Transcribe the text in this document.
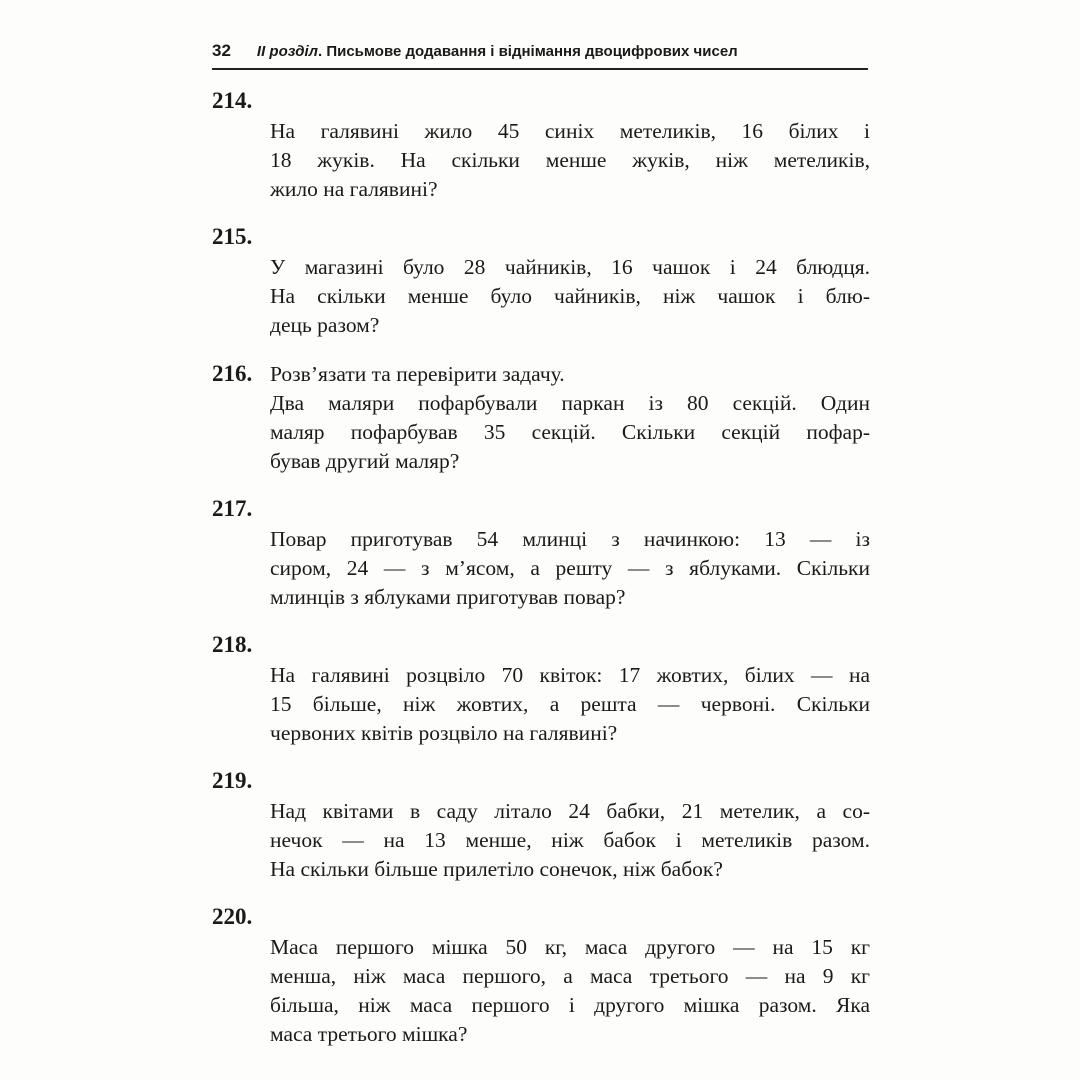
32 II розділ. Письмове додавання і віднімання двоцифрових чисел
214.
На галявині жило 45 синіх метеликів, 16 білих і
18 жуків. На скільки менше жуків, ніж метеликів,
жило на галявині?
215.
У магазині було 28 чайників, 16 чашок і 24 блюдця.
На скільки менше було чайників, ніж чашок і блю-
дець разом?
216. Розв’язати та перевірити задачу.
Два маляри пофарбували паркан із 80 секцій. Один
маляр пофарбував 35 секцій. Скільки секцій пофар-
бував другий маляр?
217.
Повар приготував 54 млинці з начинкою: 13 — із
сиром, 24 — з м’ясом, а решту — з яблуками. Скільки
млинців з яблуками приготував повар?
218.
На галявині розцвіло 70 квіток: 17 жовтих, білих — на
15 більше, ніж жовтих, а решта — червоні. Скільки
червоних квітів розцвіло на галявині?
219.
Над квітами в саду літало 24 бабки, 21 метелик, а со-
нечок — на 13 менше, ніж бабок і метеликів разом.
На скільки більше прилетіло сонечок, ніж бабок?
220.
Маса першого мішка 50 кг, маса другого — на 15 кг
менша, ніж маса першого, а маса третього — на 9 кг
більша, ніж маса першого і другого мішка разом. Яка
маса третього мішка?
